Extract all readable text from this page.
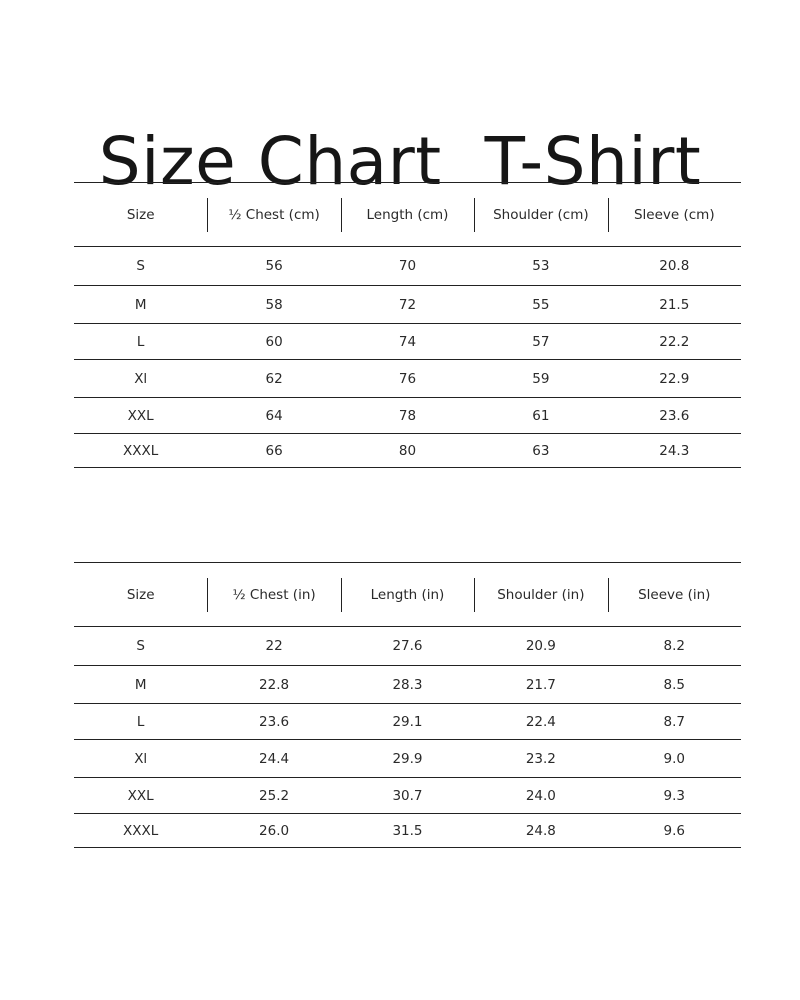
Size Chart  T-Shirt
Size	½ Chest (cm)	Length (cm)	Shoulder (cm)	Sleeve (cm)
S	56	70	53	20.8
M	58	72	55	21.5
L	60	74	57	22.2
Xl	62	76	59	22.9
XXL	64	78	61	23.6
XXXL	66	80	63	24.3
Size	½ Chest (in)	Length (in)	Shoulder (in)	Sleeve (in)
S	22	27.6	20.9	8.2
M	22.8	28.3	21.7	8.5
L	23.6	29.1	22.4	8.7
Xl	24.4	29.9	23.2	9.0
XXL	25.2	30.7	24.0	9.3
XXXL	26.0	31.5	24.8	9.6
